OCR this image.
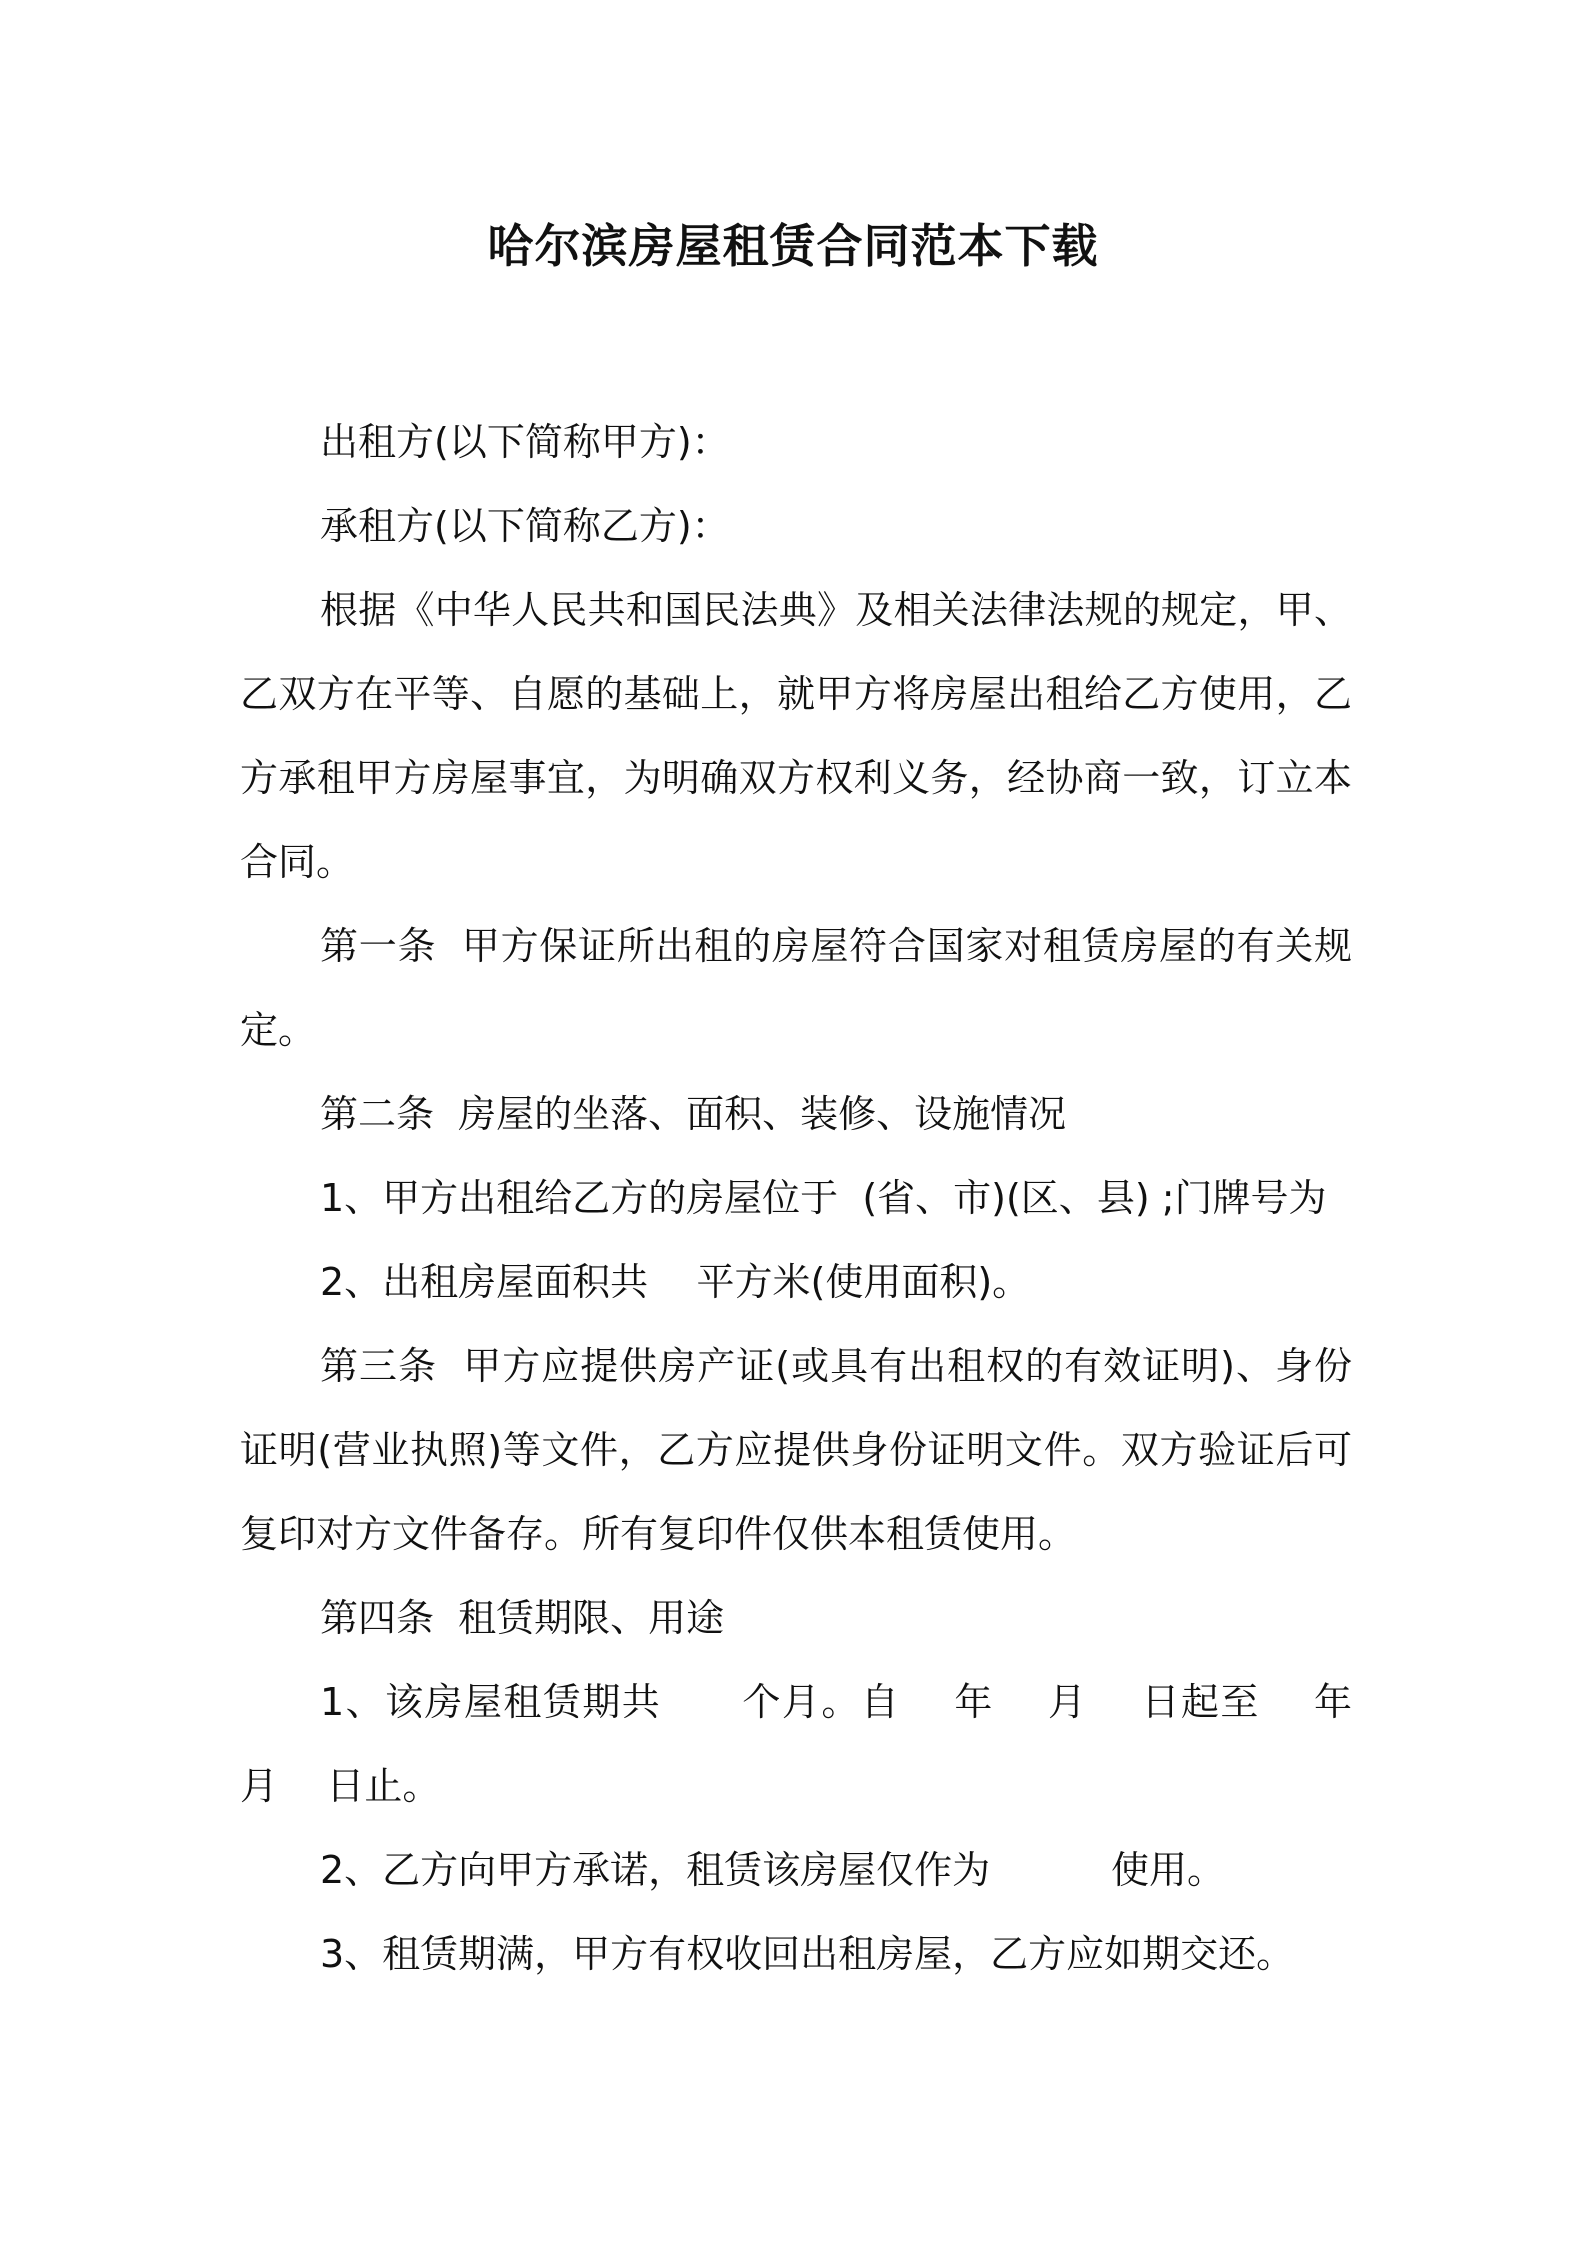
哈尔滨房屋租赁合同范本下载

出租方(以下简称甲方)：

承租方(以下简称乙方)：

根据《中华人民共和国民法典》及相关法律法规的规定，甲、乙双方在平等、自愿的基础上，就甲方将房屋出租给乙方使用，乙方承租甲方房屋事宜，为明确双方权利义务，经协商一致，订立本合同。

第一条  甲方保证所出租的房屋符合国家对租赁房屋的有关规定。

第二条  房屋的坐落、面积、装修、设施情况

1、甲方出租给乙方的房屋位于  (省、市)(区、县) ;门牌号为

2、出租房屋面积共    平方米(使用面积)。

第三条  甲方应提供房产证(或具有出租权的有效证明)、身份证明(营业执照)等文件，乙方应提供身份证明文件。双方验证后可复印对方文件备存。所有复印件仅供本租赁使用。

第四条  租赁期限、用途

1、该房屋租赁期共      个月。自    年    月    日起至    年    月    日止。

2、乙方向甲方承诺，租赁该房屋仅作为          使用。

3、租赁期满，甲方有权收回出租房屋，乙方应如期交还。
